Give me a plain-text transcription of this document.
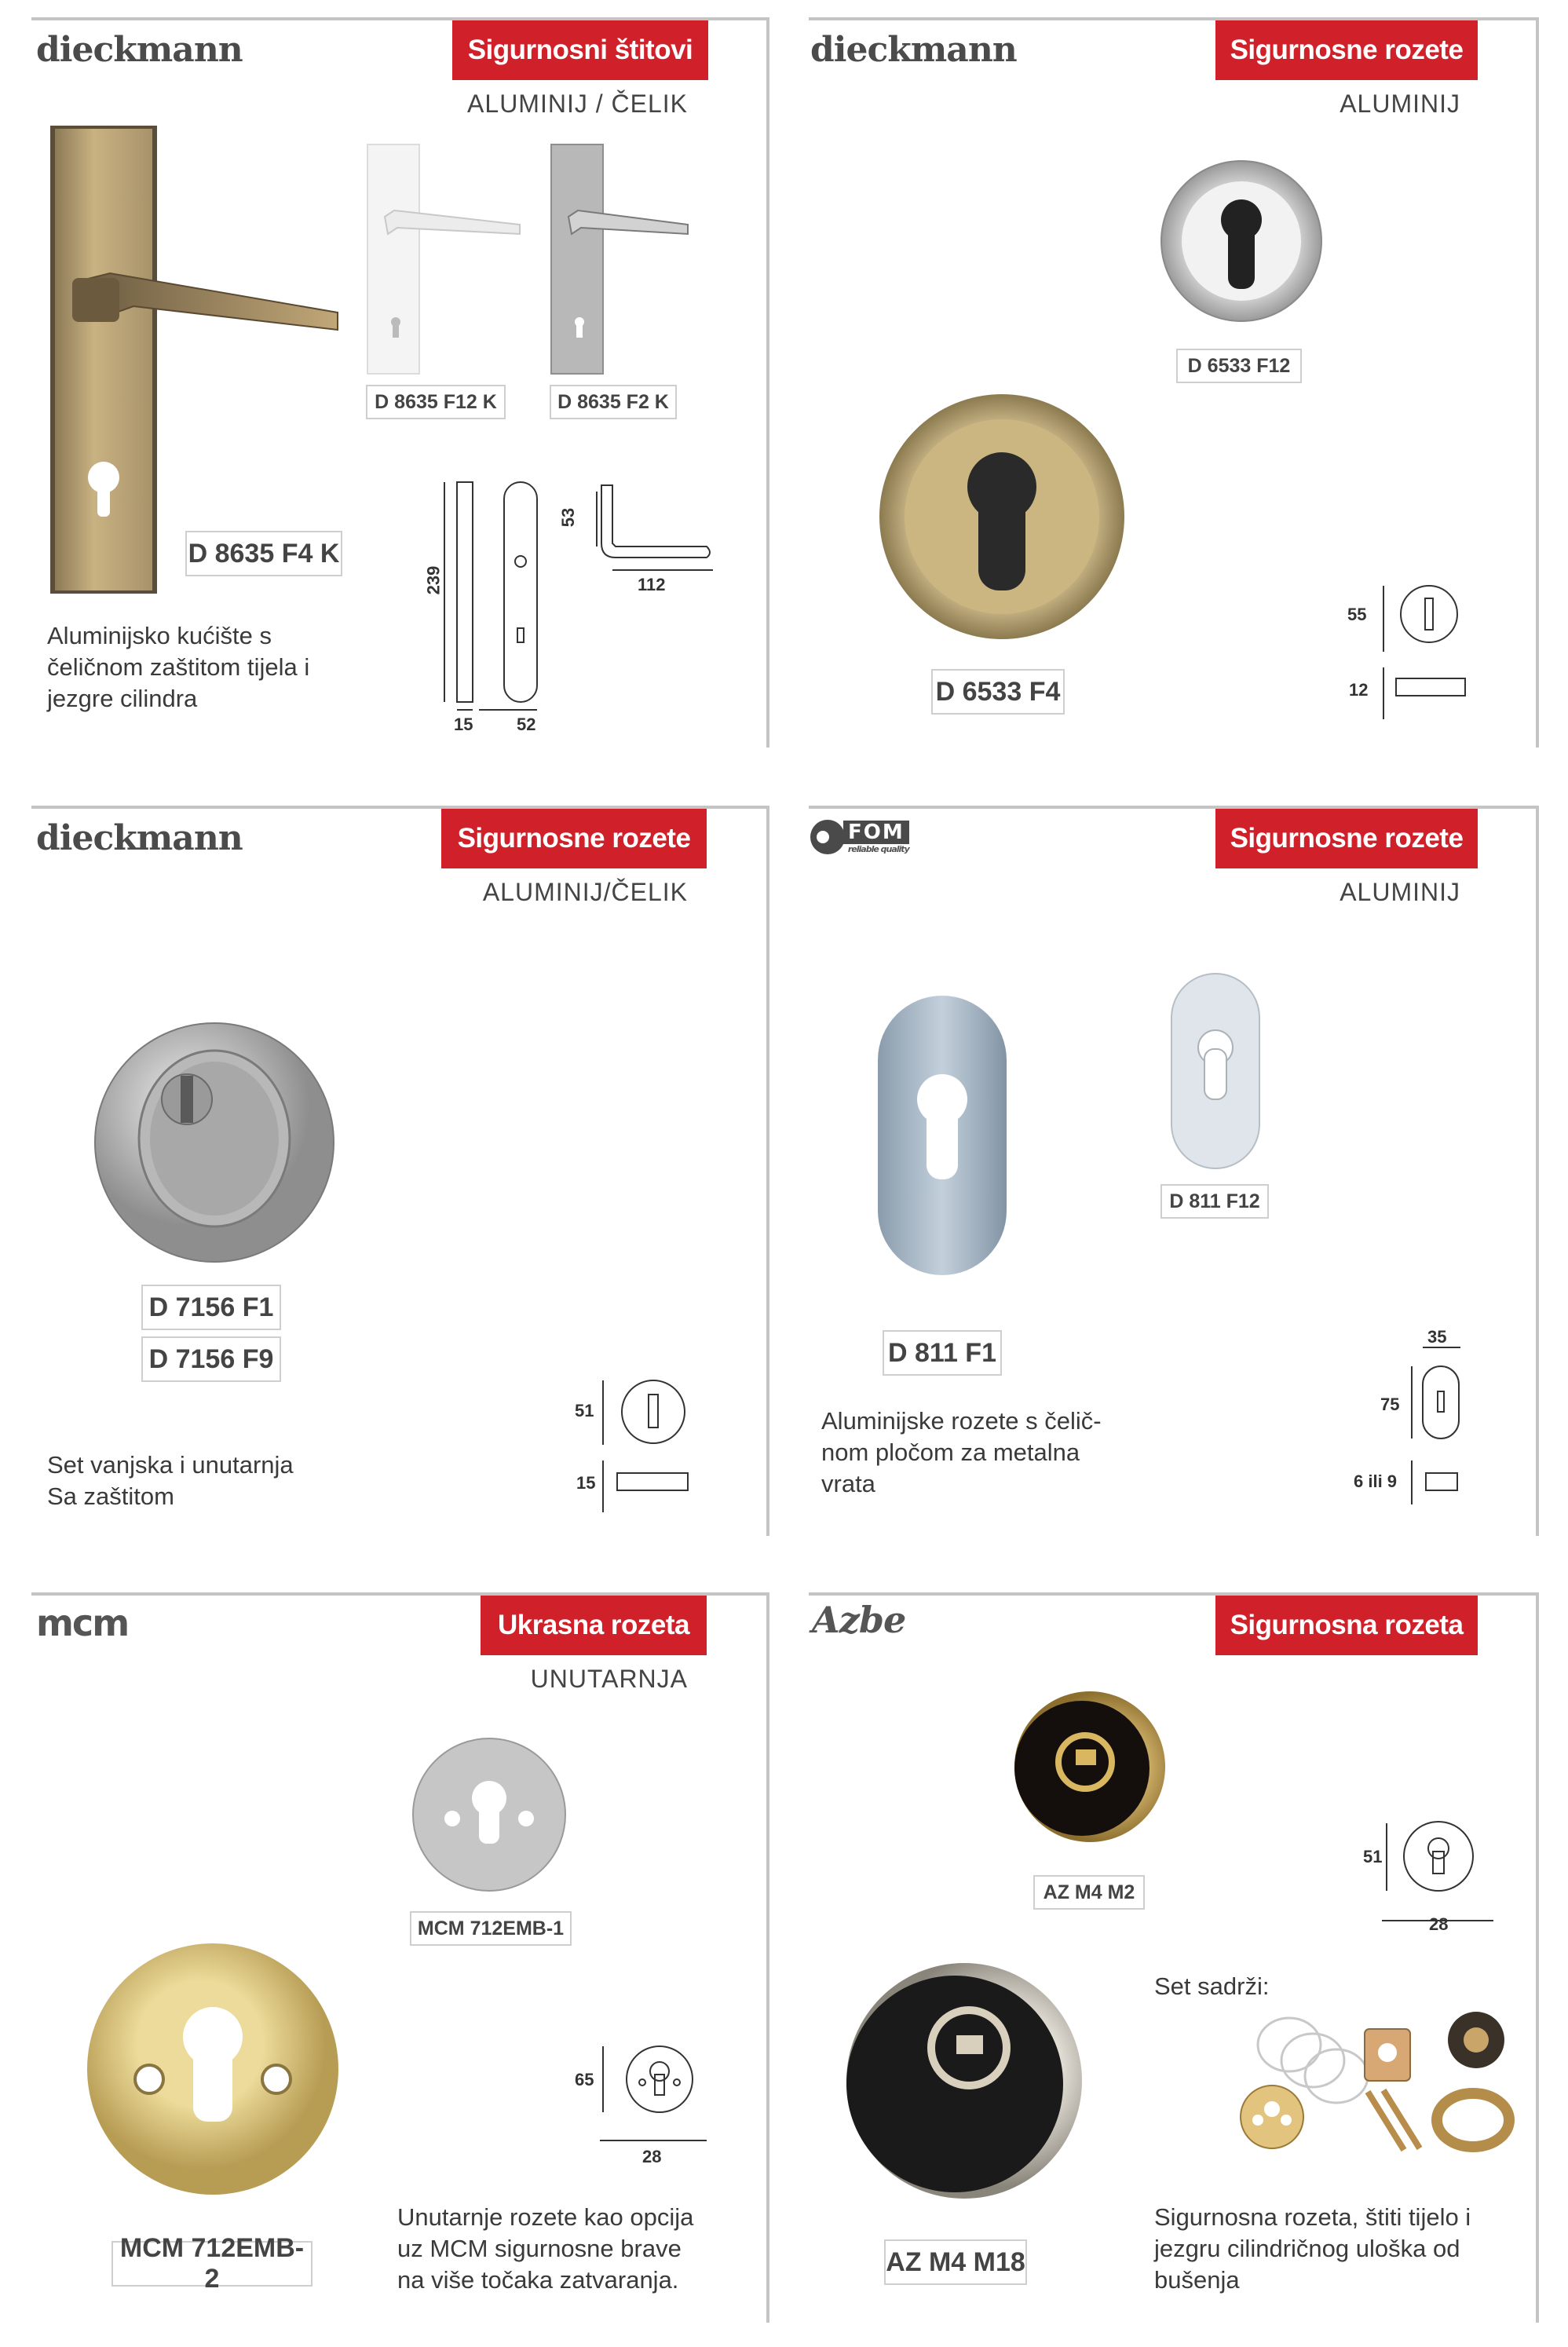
dieckmann	Sigurnosni štitovi
ALUMINIJ / ČELIK
D 8635 F4 K
D 8635 F12 K	D 8635 F2 K
239
15	52
53
112
Aluminijsko kućište s
čeličnom zaštitom tijela i
jezgre cilindra
dieckmann	Sigurnosne rozete
ALUMINIJ
D 6533 F12
D 6533 F4
55
12
dieckmann	Sigurnosne rozete
ALUMINIJ/ČELIK
D 7156 F1
D 7156 F9
51
15
Set vanjska i unutarnja
Sa zaštitom
FOM
reliable quality	Sigurnosne rozete
ALUMINIJ
D 811 F12
D 811 F1
35
75
6 ili 9
Aluminijske rozete s čelič-
nom pločom za metalna
vrata
mcm	Ukrasna rozeta
UNUTARNJA
MCM 712EMB-1
MCM 712EMB-2
65
28
Unutarnje rozete kao opcija
uz MCM sigurnosne brave
na više točaka zatvaranja.
Azbe	Sigurnosna rozeta
AZ M4 M2
AZ M4 M18
51
28
Set sadrži:
Sigurnosna rozeta, štiti tijelo i
jezgru cilindričnog uloška od
bušenja
